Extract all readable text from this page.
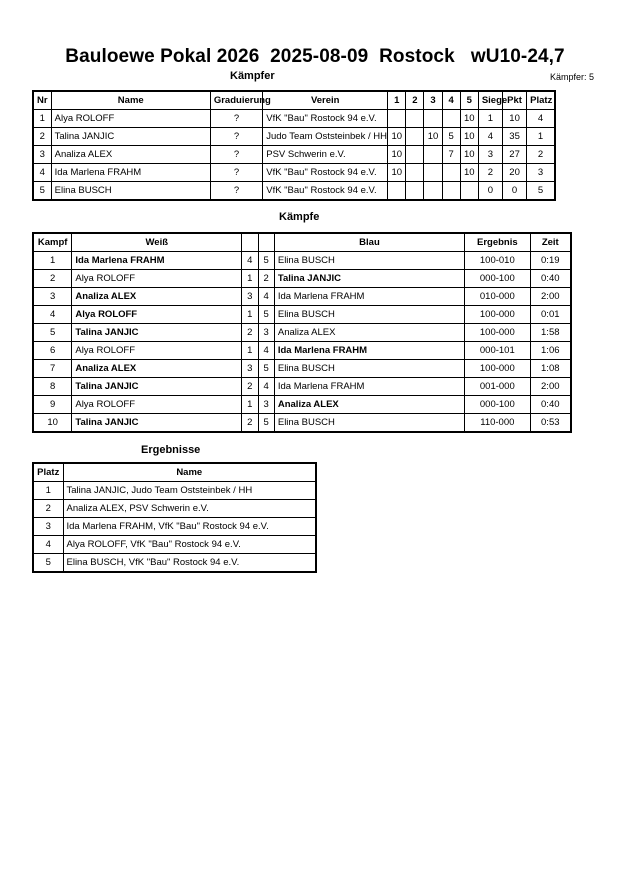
Bauloewe Pokal 2026  2025-08-09  Rostock   wU10-24,7
Kämpfer	Kämpfer: 5
Nr	Name	Graduierung	Verein	1	2	3	4	5	Siege	Pkt	Platz
1	Alya ROLOFF	?	VfK "Bau" Rostock 94 e.V.					10	1	10	4
2	Talina JANJIC	?	Judo Team Oststeinbek / HH	10		10	5	10	4	35	1
3	Analiza ALEX	?	PSV Schwerin e.V.	10			7	10	3	27	2
4	Ida Marlena FRAHM	?	VfK "Bau" Rostock 94 e.V.	10				10	2	20	3
5	Elina BUSCH	?	VfK "Bau" Rostock 94 e.V.						0	0	5
Kämpfe
Kampf	Weiß			Blau	Ergebnis	Zeit
1	Ida Marlena FRAHM	4	5	Elina BUSCH	100-010	0:19
2	Alya ROLOFF	1	2	Talina JANJIC	000-100	0:40
3	Analiza ALEX	3	4	Ida Marlena FRAHM	010-000	2:00
4	Alya ROLOFF	1	5	Elina BUSCH	100-000	0:01
5	Talina JANJIC	2	3	Analiza ALEX	100-000	1:58
6	Alya ROLOFF	1	4	Ida Marlena FRAHM	000-101	1:06
7	Analiza ALEX	3	5	Elina BUSCH	100-000	1:08
8	Talina JANJIC	2	4	Ida Marlena FRAHM	001-000	2:00
9	Alya ROLOFF	1	3	Analiza ALEX	000-100	0:40
10	Talina JANJIC	2	5	Elina BUSCH	110-000	0:53
Ergebnisse
Platz	Name
1	Talina JANJIC, Judo Team Oststeinbek / HH
2	Analiza ALEX, PSV Schwerin e.V.
3	Ida Marlena FRAHM, VfK "Bau" Rostock 94 e.V.
4	Alya ROLOFF, VfK "Bau" Rostock 94 e.V.
5	Elina BUSCH, VfK "Bau" Rostock 94 e.V.
